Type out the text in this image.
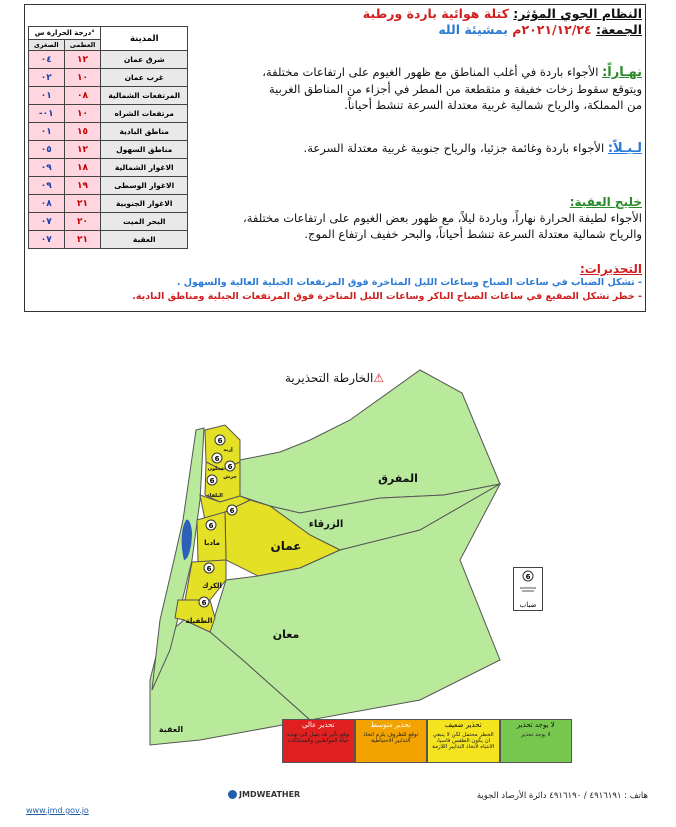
النظام الجوي المؤثر: كتلة هوائية باردة ورطبة
الجمعة: ٢٠٢١/١٢/٢٤م بمشيئة الله
درجة الحرارة س°		المدينة
الصغرى	العظمى	
٠٤	١٢	شرق عمان
٠٢	١٠	غرب عمان
٠١	٠٨	المرتفعات الشمالية
-٠١	١٠	مرتفعات الشراه
٠١	١٥	مناطق البادية
٠٥	١٢	مناطق السهول
٠٩	١٨	الاغوار الشمالية
٠٩	١٩	الاغوار الوسطى
٠٨	٢١	الاغوار الجنوبية
٠٧	٢٠	البحر الميت
٠٧	٢١	العقبة
نهـاراً: الأجواء باردة في أغلب المناطق مع ظهور الغيوم على ارتفاعات مختلفة، ويتوقع سقوط زخات خفيفة و متقطعة من المطر في أجزاء من المناطق الغربية من المملكة، والرياح شمالية غربية معتدلة السرعة تنشط أحياناً.
لـيـلاً: الأجواء باردة وغائمة جزئيا، والرياح جنوبية غربية معتدلة السرعة.
خليج العقبة:
الأجواء لطيفة الحرارة نهاراً، وباردة ليلاً، مع ظهور بعض الغيوم على ارتفاعات مختلفة، والرياح شمالية معتدلة السرعة تنشط أحياناً، والبحر خفيف ارتفاع الموج.
التحذيرات:
- تشكل الضباب في ساعات الصباح وساعات الليل المتاخرة فوق المرتفعات الجبلية العالية والسهول .
- خطر تشكل الصقيع في ساعات الصباح الباكر وساعات الليل المتاخرة فوق المرتفعات الجبلية ومناطق البادية.
⚠الخارطة التحذيرية
6
6
6
6
6
6
6
6
المفرق
الزرقاء
عمان
مادبا
الكرك
الطفيلة
معان
العقبة
البلقاء
جرش
عجلون
إربد
6
ضباب
تحذير عالي
نوقع تأثير قد يصل الى تهديد حياة المواطنين والممتلكات
تحذير متوسط
توقع للظروف يلزم اتخاذ التدابير الاحتياطية
تحذير ضعيف
الخطر محتمل لكن لا ينبغي ان يكون الطقس قاسيا، الانتباه لاتخاذ التدابير اللازمة
لا يوجد تحذير
لا يوجد تحذير
JMDWEATHER	هاتف : ٤٩١٦١٩١ / ٤٩١٦١٩٠ دائرة الأرصاد الجوية
www.jmd.gov.jo
